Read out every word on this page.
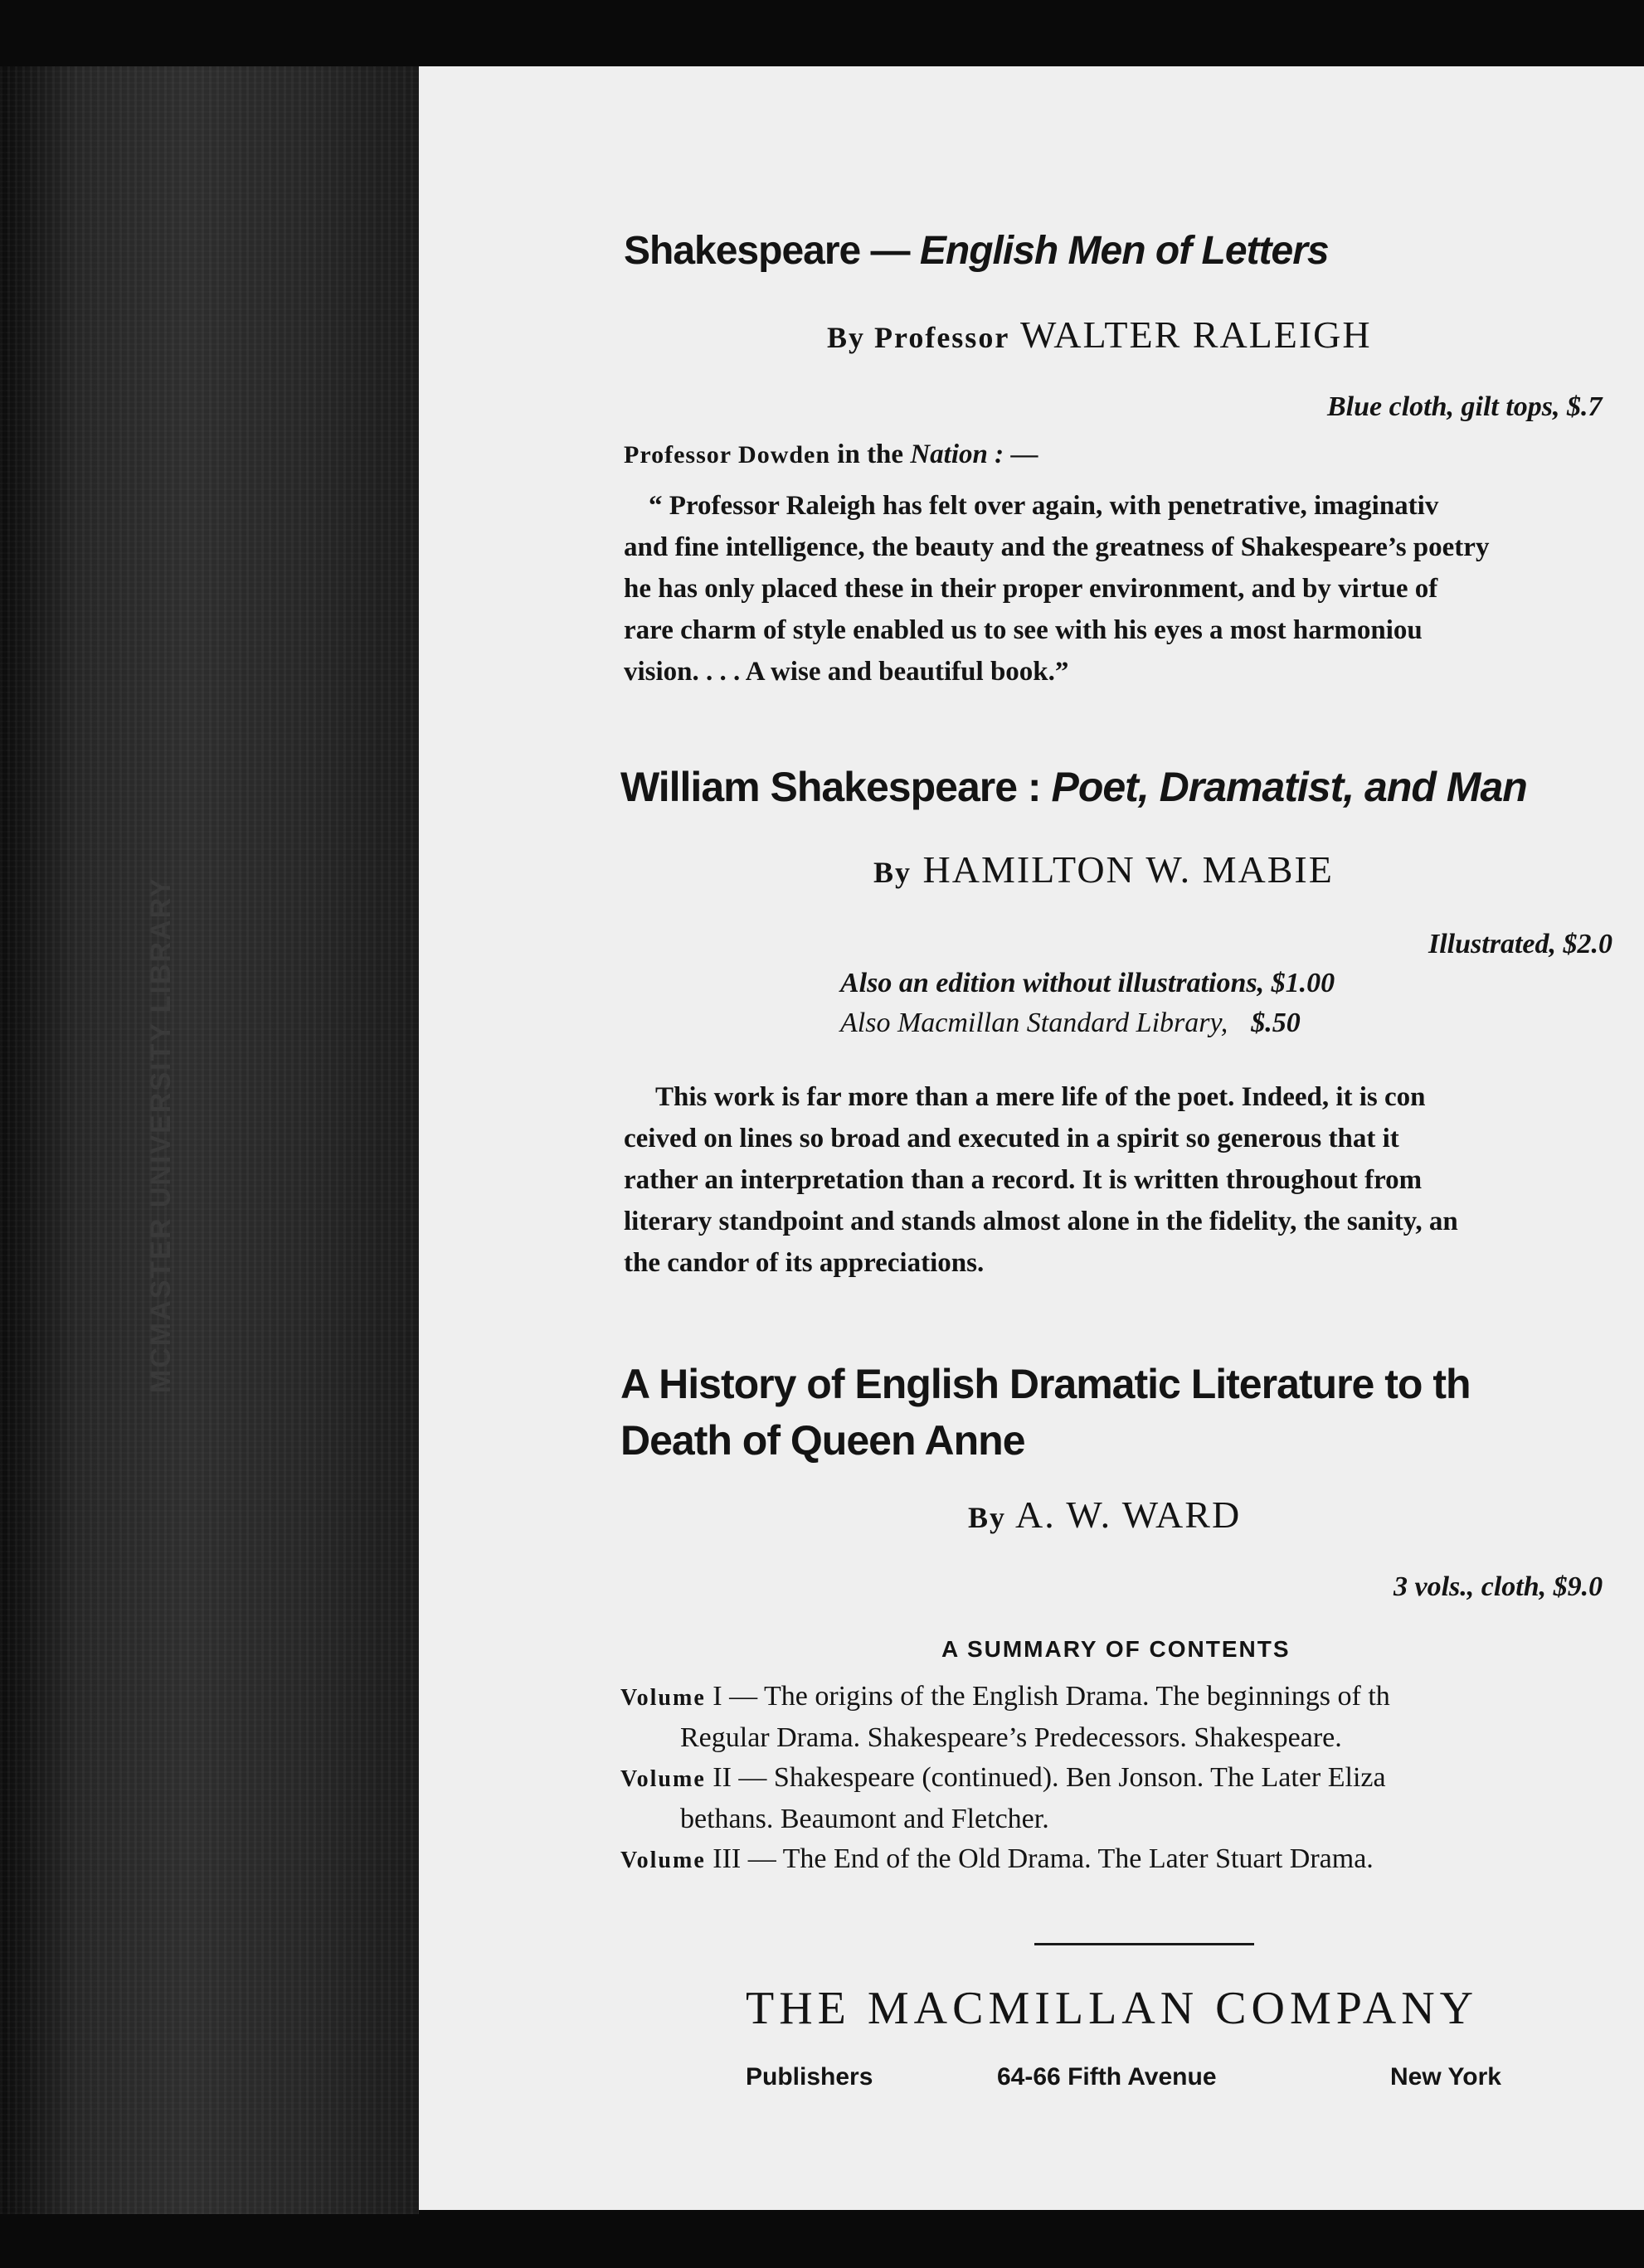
MCMASTER UNIVERSITY LIBRARY
Shakespeare — English Men of Letters
By Professor WALTER RALEIGH
Blue cloth, gilt tops, $.7
Professor Dowden in the Nation : —
“ Professor Raleigh has felt over again, with penetrative, imaginativ
and fine intelligence, the beauty and the greatness of Shakespeare’s poetry
he has only placed these in their proper environment, and by virtue of
rare charm of style enabled us to see with his eyes a most harmoniou
vision. . . . A wise and beautiful book.”
William Shakespeare : Poet, Dramatist, and Man
By HAMILTON W. MABIE
Illustrated, $2.0
Also an edition without illustrations, $1.00
Also Macmillan Standard Library, $.50
This work is far more than a mere life of the poet. Indeed, it is con
ceived on lines so broad and executed in a spirit so generous that it
rather an interpretation than a record. It is written throughout from
literary standpoint and stands almost alone in the fidelity, the sanity, an
the candor of its appreciations.
A History of English Dramatic Literature to th
Death of Queen Anne
By A. W. WARD
3 vols., cloth, $9.0
A SUMMARY OF CONTENTS
Volume I — The origins of the English Drama. The beginnings of th
Regular Drama. Shakespeare’s Predecessors. Shakespeare.
Volume II — Shakespeare (continued). Ben Jonson. The Later Eliza
bethans. Beaumont and Fletcher.
Volume III — The End of the Old Drama. The Later Stuart Drama.
THE MACMILLAN COMPANY
Publishers	64-66 Fifth Avenue	New York
